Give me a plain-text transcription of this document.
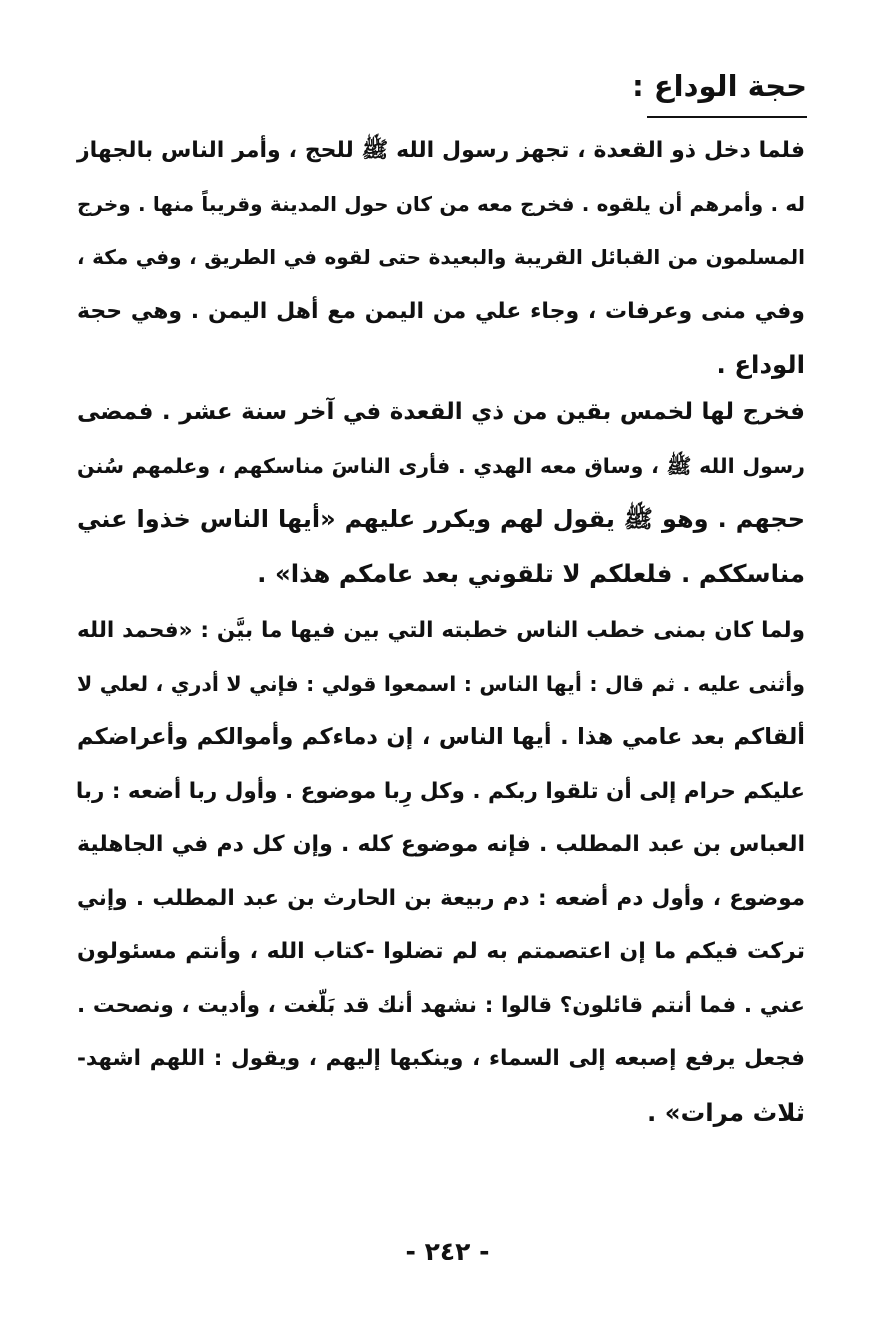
حجة الوداع :
فلما دخل ذو القعدة ، تجهز رسول الله ﷺ للحج ، وأمر الناس بالجهاز
له . وأمرهم أن يلقوه . فخرج معه من كان حول المدينة وقريباً منها . وخرج
المسلمون من القبائل القريبة والبعيدة حتى لقوه في الطريق ، وفي مكة ،
وفي منى وعرفات ، وجاء علي من اليمن مع أهل اليمن . وهي حجة
الوداع .
فخرج لها لخمس بقين من ذي القعدة في آخر سنة عشر . فمضى
رسول الله ﷺ ، وساق معه الهدي . فأرى الناسَ مناسكهم ، وعلمهم سُنن
حجهم . وهو ﷺ يقول لهم ويكرر عليهم «أيها الناس خذوا عني
مناسككم . فلعلكم لا تلقوني بعد عامكم هذا» .
ولما كان بمنى خطب الناس خطبته التي بين فيها ما بيَّن : «فحمد الله
وأثنى عليه . ثم قال : أيها الناس : اسمعوا قولي : فإني لا أدري ، لعلي لا
ألقاكم بعد عامي هذا . أيها الناس ، إن دماءكم وأموالكم وأعراضكم
عليكم حرام إلى أن تلقوا ربكم . وكل رِبا موضوع . وأول ربا أضعه : ربا
العباس بن عبد المطلب . فإنه موضوع كله . وإن كل دم في الجاهلية
موضوع ، وأول دم أضعه : دم ربيعة بن الحارث بن عبد المطلب . وإني
تركت فيكم ما إن اعتصمتم به لم تضلوا -كتاب الله ، وأنتم مسئولون
عني . فما أنتم قائلون؟ قالوا : نشهد أنك قد بَلّغت ، وأديت ، ونصحت .
فجعل يرفع إصبعه إلى السماء ، وينكبها إليهم ، ويقول : اللهم اشهد-
ثلاث مرات» .
- ٢٤٢ -
